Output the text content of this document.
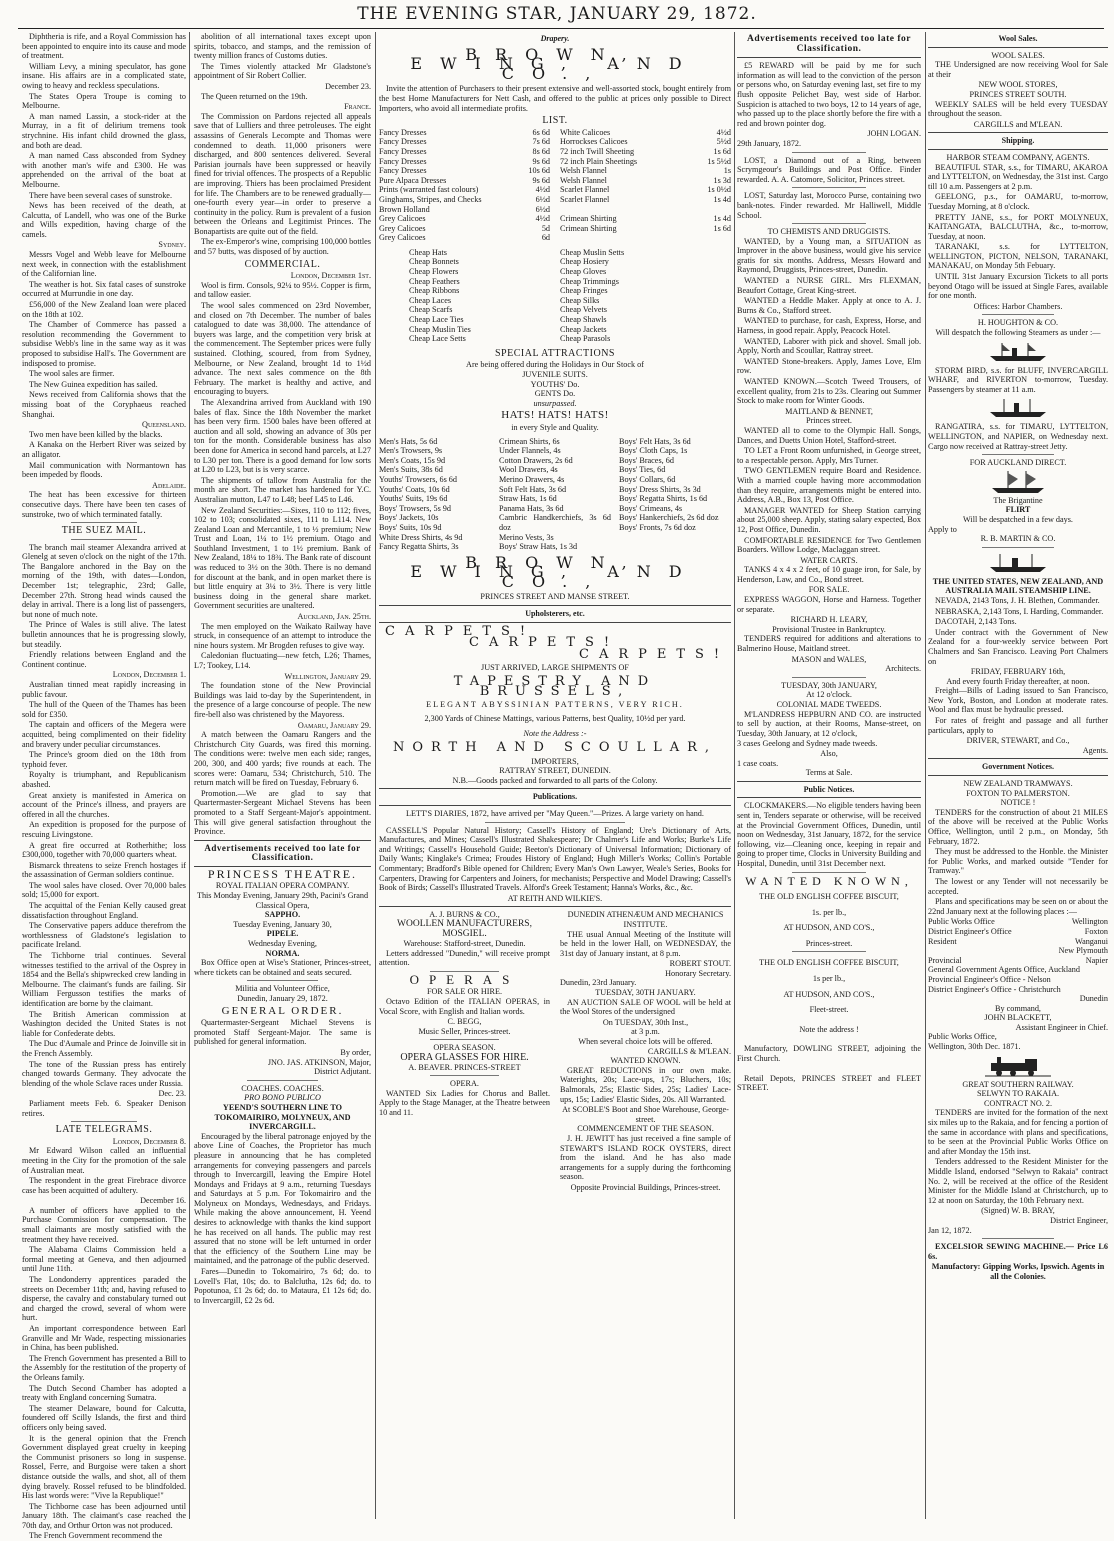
THE EVENING STAR, JANUARY 29, 1872.

Diphtheria is rife, and a Royal Commission has been appointed to enquire into its cause and mode of treatment.

William Levy, a mining speculator, has gone insane. His affairs are in a complicated state, owing to heavy and reckless speculations.

The States Opera Troupe is coming to Melbourne.

A man named Lassin, a stock-rider at the Murray, in a fit of delirium tremens took strychnine. His infant child drowned the glass, and both are dead.

A man named Cass absconded from Sydney with another man's wife and £300. He was apprehended on the arrival of the boat at Melbourne.

There have been several cases of sunstroke.

News has been received of the death, at Calcutta, of Landell, who was one of the Burke and Wills expedition, having charge of the camels.

Sydney.

Messrs Vogel and Webb leave for Melbourne next week, in connection with the establishment of the Californian line.

The weather is hot. Six fatal cases of sunstroke occurred at Murrundie in one day.

£56,000 of the New Zealand loan were placed on the 18th at 102.

The Chamber of Commerce has passed a resolution recommending the Government to subsidise Webb's line in the same way as it was proposed to subsidise Hall's. The Government are indisposed to promise.

The wool sales are firmer.

The New Guinea expedition has sailed.

News received from California shows that the missing boat of the Coryphaeus reached Shanghai.

Queensland.

Two men have been killed by the blacks.

A Kanaka on the Herbert River was seized by an alligator.

Mail communication with Normantown has been impeded by floods.

Adelaide.

The heat has been excessive for thirteen consecutive days. There have been ten cases of sunstroke, two of which terminated fatally.

THE SUEZ MAIL.

The branch mail steamer Alexandra arrived at Glenelg at seven o'clock on the night of the 17th. The Bangalore anchored in the Bay on the morning of the 19th, with dates—London, December 1st; telegraphic, 23rd; Galle, December 27th. Strong head winds caused the delay in arrival. There is a long list of passengers, but none of much note.

The Prince of Wales is still alive. The latest bulletin announces that he is progressing slowly, but steadily.

Friendly relations between England and the Continent continue.

London, December 1.

Australian tinned meat rapidly increasing in public favour.

The hull of the Queen of the Thames has been sold for £350.

The captain and officers of the Megera were acquitted, being complimented on their fidelity and bravery under peculiar circumstances.

The Prince's groom died on the 18th from typhoid fever.

Royalty is triumphant, and Republicanism abashed.

Great anxiety is manifested in America on account of the Prince's illness, and prayers are offered in all the churches.

An expedition is proposed for the purpose of rescuing Livingstone.

A great fire occurred at Rotherhithe; loss £300,000, together with 70,000 quarters wheat.

Bismarck threatens to seize French hostages if the assassination of German soldiers continue.

The wool sales have closed. Over 70,000 bales sold; 15,000 for export.

The acquittal of the Fenian Kelly caused great dissatisfaction throughout England.

The Conservative papers adduce therefrom the worthlessness of Gladstone's legislation to pacificate Ireland.

The Tichborne trial continues. Several witnesses testified to the arrival of the Osprey in 1854 and the Bella's shipwrecked crew landing in Melbourne. The claimant's funds are failing. Sir William Fergusson testifies the marks of identification are borne by the claimant.

The British American commission at Washington decided the United States is not liable for Confederate debts.

The Duc d'Aumale and Prince de Joinville sit in the French Assembly.

The tone of the Russian press has entirely changed towards Germany. They advocate the blending of the whole Sclave races under Russia.

Dec. 23.

Parliament meets Feb. 6. Speaker Denison retires.

LATE TELEGRAMS.
London, December 8.

Mr Edward Wilson called an influential meeting in the City for the promotion of the sale of Australian meat.

The respondent in the great Firebrace divorce case has been acquitted of adultery.

December 16.

A number of officers have applied to the Purchase Commission for compensation. The small claimants are mostly satisfied with the treatment they have received.

The Alabama Claims Commission held a formal meeting at Geneva, and then adjourned until June 11th.

The Londonderry apprentices paraded the streets on December 11th; and, having refused to disperse, the cavalry and constabulary turned out and charged the crowd, several of whom were hurt.

An important correspondence between Earl Granville and Mr Wade, respecting missionaries in China, has been published.

The French Government has presented a Bill to the Assembly for the restitution of the property of the Orleans family.

The Dutch Second Chamber has adopted a treaty with England concerning Sumatra.

The steamer Delaware, bound for Calcutta, foundered off Scilly Islands, the first and third officers only being saved.

It is the general opinion that the French Government displayed great cruelty in keeping the Communist prisoners so long in suspense. Rossel, Ferre, and Burgoise were taken a short distance outside the walls, and shot, all of them dying bravely. Rossel refused to be blindfolded. His last words were: "Vive la Republique!"

The Tichborne case has been adjourned until January 18th. The claimant's case reached the 70th day, and Orthur Orton was not produced.

The French Government recommend the

abolition of all international taxes except upon spirits, tobacco, and stamps, and the remission of twenty million francs of Customs duties.

The Times violently attacked Mr Gladstone's appointment of Sir Robert Collier.

December 23.

The Queen returned on the 19th.

France.

The Commission on Pardons rejected all appeals save that of Lulliers and three petroleuses. The eight assassins of Generals Lecompte and Thomas were condemned to death. 11,000 prisoners were discharged, and 800 sentences delivered. Several Parisian journals have been suppressed or heavily fined for trivial offences. The prospects of a Republic are improving. Thiers has been proclaimed President for life. The Chambers are to be renewed gradually—one-fourth every year—in order to preserve a continuity in the policy. Rum is prevalent of a fusion between the Orleans and Legitimist Princes. The Bonapartists are quite out of the field.

The ex-Emperor's wine, comprising 100,000 bottles and 57 butts, was disposed of by auction.

COMMERCIAL.
London, December 1st.

Wool is firm. Consols, 92¼ to 95½. Copper is firm, and tallow easier.

The wool sales commenced on 23rd November, and closed on 7th December. The number of bales catalogued to date was 38,000. The attendance of buyers was large, and the competition very brisk at the commencement. The September prices were fully sustained. Clothing, scoured, from from Sydney, Melbourne, or New Zealand, brought 1d to 1½d advance. The next sales commence on the 8th February. The market is healthy and active, and encouraging to buyers.

The Alexandrina arrived from Auckland with 190 bales of flax. Since the 18th November the market has been very firm. 1500 bales have been offered at auction and all sold, showing an advance of 30s per ton for the month. Considerable business has also been done for America in second hand parcels, at L27 to L30 per ton. There is a good demand for low sorts at L20 to L23, but is is very scarce.

The shipments of tallow from Australia for the month are short. The market has hardened for Y.C. Australian mutton, L47 to L48; beef L45 to L46.

New Zealand Securities:—Sixes, 110 to 112; fives, 102 to 103; consolidated sixes, 111 to L114. New Zealand Loan and Mercantile, 1 to ½ premium; New Trust and Loan, 1¼ to 1½ premium. Otago and Southland Investment, 1 to 1½ premium. Bank of New Zealand, 18¼ to 18¾. The Bank rate of discount was reduced to 3½ on the 30th. There is no demand for discount at the bank, and in open market there is but little enquiry at 3¼ to 3½. There is very little business doing in the general share market. Government securities are unaltered.

Auckland, Jan. 25th.

The men employed on the Waikato Railway have struck, in consequence of an attempt to introduce the nine hours system. Mr Brogden refuses to give way.

Caledonian fluctuating—new fetch, L26; Thames, L7; Tookey, L14.

Wellington, January 29.

The foundation stone of the New Provincial Buildings was laid to-day by the Superintendent, in the presence of a large concourse of people. The new fire-bell also was christened by the Mayoress.

Oamaru, January 29.

A match between the Oamaru Rangers and the Christchurch City Guards, was fired this morning. The conditions were: twelve men each side; ranges, 200, 300, and 400 yards; five rounds at each. The scores were: Oamaru, 534; Christchurch, 510. The return match will be fired on Tuesday, February 6.

Promotion.—We are glad to say that Quartermaster-Sergeant Michael Stevens has been promoted to a Staff Sergeant-Major's appointment. This will give general satisfaction throughout the Province.

Advertisements received too late for Classification.
PRINCESS THEATRE.
ROYAL ITALIAN OPERA COMPANY.
This Monday Evening, January 29th, Pacini's Grand Classical Opera,
SAPPHO.
Tuesday Evening, January 30,
PIPELE.
Wednesday Evening,
NORMA.

Box Office open at Wise's Stationer, Princes-street, where tickets can be obtained and seats secured.

Militia and Volunteer Office,
Dunedin, January 29, 1872.
GENERAL ORDER.

Quartermaster-Sergeant Michael Stevens is promoted Staff Sergeant-Major. The same is published for general information.

By order,
JNO. JAS. ATKINSON, Major,
District Adjutant.
COACHES. COACHES.
PRO BONO PUBLICO
YEEND'S SOUTHERN LINE TO TOKOMAIRIRO, MOLYNEUX, AND INVERCARGILL.

Encouraged by the liberal patronage enjoyed by the above Line of Coaches, the Proprietor has much pleasure in announcing that he has completed arrangements for conveying passengers and parcels through to Invercargill, leaving the Empire Hotel Mondays and Fridays at 9 a.m., returning Tuesdays and Saturdays at 5 p.m. For Tokomairiro and the Molyneux on Mondays, Wednesdays, and Fridays. While making the above announcement, H. Yeend desires to acknowledge with thanks the kind support he has received on all hands. The public may rest assured that no stone will be left unturned in order that the efficiency of the Southern Line may be maintained, and the patronage of the public deserved.

Fares—Dunedin to Tokomairiro, 7s 6d; do. to Lovell's Flat, 10s; do. to Balclutha, 12s 6d; do. to Popotunoa, £1 2s 6d; do. to Mataura, £1 12s 6d; do. to Invercargill, £2 2s 6d.

Drapery.
BROWN, EWING, AND CO.,

Invite the attention of Purchasers to their present extensive and well-assorted stock, bought entirely from the best Home Manufacturers for Nett Cash, and offered to the public at prices only possible to Direct Importers, who avoid all intermediate profits.

LIST.
Fancy Dresses	6s 6d
Fancy Dresses	7s 6d
Fancy Dresses	8s 6d
Fancy Dresses	9s 6d
Fancy Dresses	10s 6d
Pure Alpaca Dresses	9s 6d
Prints (warranted fast colours)	4½d
Ginghams, Stripes, and Checks	6½d
Brown Holland	6½d
Grey Calicoes	4½d
Grey Calicoes	5d
Grey Calicoes	6d
White Calicoes	4½d
Horrockses Calicoes	5½d
72 inch Twill Sheeting	1s 6d
72 inch Plain Sheetings	1s 5½d
Welsh Flannel	1s
Welsh Flannel	1s 3d
Scarlet Flannel	1s 0½d
Scarlet Flannel	1s 4d
Crimean Shirting	1s 4d
Crimean Shirting	1s 6d
Cheap Hats
Cheap Bonnets
Cheap Flowers
Cheap Feathers
Cheap Ribbons
Cheap Laces
Cheap Scarfs
Cheap Lace Ties
Cheap Muslin Ties
Cheap Lace Setts
Cheap Muslin Setts
Cheap Hosiery
Cheap Gloves
Cheap Trimmings
Cheap Fringes
Cheap Silks
Cheap Velvets
Cheap Shawls
Cheap Jackets
Cheap Parasols
SPECIAL ATTRACTIONS
Are being offered during the Holidays in Our Stock of
JUVENILE SUITS.
YOUTHS' Do.
GENTS Do.
unsurpassed.
HATS! HATS! HATS!
in every Style and Quality.
Men's Hats, 5s 6d
Men's Trowsers, 9s
Men's Coats, 15s 9d
Men's Suits, 38s 6d
Youths' Trowsers, 6s 6d
Youths' Coats, 10s 6d
Youths' Suits, 19s 6d
Boys' Trowsers, 5s 9d
Boys' Jackets, 10s
Boys' Suits, 10s 9d
White Dress Shirts, 4s 9d
Fancy Regatta Shirts, 3s
Crimean Shirts, 6s
Under Flannels, 4s
Cotton Drawers, 2s 6d
Wool Drawers, 4s
Merino Drawers, 4s
Soft Felt Hats, 3s 6d
Straw Hats, 1s 6d
Panama Hats, 3s 6d
Cambric Handkerchiefs, 3s 6d doz
Merino Vests, 3s
Boys' Straw Hats, 1s 3d
Boys' Felt Hats, 3s 6d
Boys' Cloth Caps, 1s
Boys' Braces, 6d
Boys' Ties, 6d
Boys' Collars, 6d
Boys' Dress Shirts, 3s 3d
Boys' Regatta Shirts, 1s 6d
Boys' Crimeans, 4s
Boys' Hankerchiefs, 2s 6d doz
Boys' Fronts, 7s 6d doz
BROWN, EWING, AND CO.,
PRINCES STREET AND MANSE STREET.
Upholsterers, etc.
CARPETS!
CARPETS!
CARPETS!
JUST ARRIVED, LARGE SHIPMENTS OF
TAPESTRY AND BRUSSELS,
ELEGANT ABYSSINIAN PATTERNS, VERY RICH.
2,300 Yards of Chinese Mattings, various Patterns, best Quality, 10½d per yard.
Note the Address :-
NORTH AND SCOULLAR,
IMPORTERS,
RATTRAY STREET, DUNEDIN.
N.B.—Goods packed and forwarded to all parts of the Colony.
Publications.

LETT'S DIARIES, 1872, have arrived per "May Queen."—Prizes. A large variety on hand.

CASSELL'S Popular Natural History; Cassell's History of England; Ure's Dictionary of Arts, Manufactures, and Mines; Cassell's Illustrated Shakespeare; Dr Chalmer's Life and Works; Burke's Life and Writings; Cassell's Household Guide; Beeton's Dictionary of Universal Information; Dictionary of Daily Wants; Kinglake's Crimea; Froudes History of England; Hugh Miller's Works; Collin's Portable Commentary; Bradford's Bible opened for Children; Every Man's Own Lawyer, Weale's Series, Books for Carpenters, Drawing for Carpenters and Joiners, for mechanists; Perspective and Model Drawing; Cassell's Book of Birds; Cassell's Illustrated Travels. Alford's Greek Testament; Hanna's Works, &c., &c.

AT REITH AND WILKIE'S.
A. J. BURNS & CO.,
WOOLLEN MANUFACTURERS, MOSGIEL.
Warehouse: Stafford-street, Dunedin.

Letters addressed "Dunedin," will receive prompt attention.

OPERAS
FOR SALE OR HIRE.

Octavo Edition of the ITALIAN OPERAS, in Vocal Score, with English and Italian words.

C. BEGG,
Music Seller, Princes-street.
OPERA SEASON.
OPERA GLASSES FOR HIRE.
A. BEAVER. PRINCES-STREET
OPERA.

WANTED Six Ladies for Chorus and Ballet. Apply to the Stage Manager, at the Theatre between 10 and 11.

DUNEDIN ATHENÆUM AND MECHANICS INSTITUTE.

THE usual Annual Meeting of the Institute will be held in the lower Hall, on WEDNESDAY, the 31st day of January instant, at 8 p.m.

ROBERT STOUT.
Honorary Secretary.
Dunedin, 23rd January.
TUESDAY, 30TH JANUARY.

AN AUCTION SALE OF WOOL will be held at the Wool Stores of the undersigned

On TUESDAY, 30th Inst.,
at 3 p.m.
When several choice lots will be offered.
CARGILLS & M'LEAN.
WANTED KNOWN.

GREAT REDUCTIONS in our own make. Waterights, 20s; Lace-ups, 17s; Bluchers, 10s; Balmorals, 25s; Elastic Sides, 25s; Ladies' Lace-ups, 15s; Ladies' Elastic Sides, 20s. All Warranted.

At SCOBLE'S Boot and Shoe Warehouse, George-street.
COMMENCEMENT OF THE SEASON.

J. H. JEWITT has just received a fine sample of STEWART'S ISLAND ROCK OYSTERS, direct from the island. And he has also made arrangements for a supply during the forthcoming season.

Opposite Provincial Buildings, Princes-street.
Advertisements received too late for Classification.

£5 REWARD will be paid by me for such information as will lead to the conviction of the person or persons who, on Saturday evening last, set fire to my flush opposite Pelichet Bay, west side of Harbor. Suspicion is attached to two boys, 12 to 14 years of age, who passed up to the place shortly before the fire with a red and brown pointer dog.

JOHN LOGAN.
29th January, 1872.

LOST, a Diamond out of a Ring, between Scrymgeour's Buildings and Post Office. Finder rewarded. A. A. Catomore, Solicitor, Princes street.

LOST, Saturday last, Morocco Purse, containing two bank-notes. Finder rewarded. Mr Halliwell, Middle School.

TO CHEMISTS AND DRUGGISTS.

WANTED, by a Young man, a SITUATION as Improver in the above business, would give his service gratis for six months. Address, Messrs Howard and Raymond, Druggists, Princes-street, Dunedin.

WANTED a NURSE GIRL. Mrs FLEXMAN, Beaufort Cottage, Great King-street.

WANTED a Heddle Maker. Apply at once to A. J. Burns & Co., Stafford street.

WANTED to purchase, for cash, Express, Horse, and Harness, in good repair. Apply, Peacock Hotel.

WANTED, Laborer with pick and shovel. Small job. Apply, North and Scoullar, Rattray street.

WANTED Stone-breakers. Apply, James Love, Elm row.

WANTED KNOWN.—Scotch Tweed Trousers, of excellent quality, from 21s to 23s. Clearing out Summer Stock to make room for Winter Goods.

MAITLAND & BENNET,
Princes street.

WANTED all to come to the Olympic Hall. Songs, Dances, and Duetts Union Hotel, Stafford-street.

TO LET a Front Room unfurnished, in George street, to a respectable person. Apply, Mrs Turner.

TWO GENTLEMEN require Board and Residence. With a married couple having more accommodation than they require, arrangements might be entered into. Address, A.B., Box 13, Post Office.

MANAGER WANTED for Sheep Station carrying about 25,000 sheep. Apply, stating salary expected, Box 12, Post Office, Dunedin.

COMFORTABLE RESIDENCE for Two Gentlemen Boarders. Willow Lodge, Maclaggan street.

WATER CARTS.

TANKS 4 x 4 x 2 feet, of 10 guage iron, for Sale, by Henderson, Law, and Co., Bond street.

FOR SALE.

EXPRESS WAGGON, Horse and Harness. Together or separate.

RICHARD H. LEARY,
Provisional Trustee in Bankruptcy.

TENDERS required for additions and alterations to Balmerino House, Maitland street.

MASON and WALES,
Architects.
TUESDAY, 30th JANUARY,
At 12 o'clock.
COLONIAL MADE TWEEDS.

M'LANDRESS HEPBURN AND CO. are instructed to sell by auction, at their Rooms, Manse-street, on Tuesday, 30th January, at 12 o'clock,

3 cases Geelong and Sydney made tweeds.
Also,
1 case coats.
Terms at Sale.
Public Notices.

CLOCKMAKERS.—No eligible tenders having been sent in, Tenders separate or otherwise, will be received at the Provincial Government Offices, Dunedin, until noon on Wednesday, 31st January, 1872, for the service following, viz—Cleaning once, keeping in repair and going to proper time, Clocks in University Building and Hospital, Dunedin, until 31st December next.

WANTED KNOWN,
THE OLD ENGLISH COFFEE BISCUIT,
1s. per lb.,
AT HUDSON, AND CO'S.,
Princes-street.
THE OLD ENGLISH COFFEE BISCUIT,
1s per lb.,
AT HUDSON, AND CO'S.,
Fleet-street.
Note the address !

Manufactory, DOWLING STREET, adjoining the First Church.

Retail Depots, PRINCES STREET and FLEET STREET.

Wool Sales.
WOOL SALES.

THE Undersigned are now receiving Wool for Sale at their

NEW WOOL STORES,
PRINCES STREET SOUTH.

WEEKLY SALES will be held every TUESDAY throughout the season.

CARGILLS and M'LEAN.
Shipping.
HARBOR STEAM COMPANY, AGENTS.

BEAUTIFUL STAR, s.s., for TIMARU, AKAROA and LYTTELTON, on Wednesday, the 31st inst. Cargo till 10 a.m. Passengers at 2 p.m.

GEELONG, p.s., for OAMARU, to-morrow, Tuesday Morning, at 8 o'clock.

PRETTY JANE, s.s., for PORT MOLYNEUX, KAITANGATA, BALCLUTHA, &c., to-morrow, Tuesday, at noon.

TARANAKI, s.s. for LYTTELTON, WELLINGTON, PICTON, NELSON, TARANAKI, MANAKAU, on Monday 5th Febuary.

UNTIL 31st January Excursion Tickets to all ports beyond Otago will be issued at Single Fares, available for one month.

Offices: Harbor Chambers.
H. HOUGHTON & CO.
Will despatch the following Steamers as under :—

STORM BIRD, s.s. for BLUFF, INVERCARGILL WHARF, and RIVERTON to-morrow, Tuesday. Passengers by steamer at 11 a.m.

RANGATIRA, s.s. for TIMARU, LYTTELTON, WELLINGTON, and NAPIER, on Wednesday next. Cargo now received at Rattray-street Jetty.

FOR AUCKLAND DIRECT.
The Brigantine
FLIRT
Will be despatched in a few days.
Apply to
R. B. MARTIN & CO.
THE UNITED STATES, NEW ZEALAND, AND AUSTRALIA MAIL STEAMSHIP LINE.

NEVADA, 2143 Tons, J. H. Blethen, Commander.

NEBRASKA, 2,143 Tons, I. Harding, Commander.

DACOTAH, 2,143 Tons.

Under contract with the Government of New Zealand for a four-weekly service between Port Chalmers and San Francisco. Leaving Port Chalmers on

FRIDAY, FEBRUARY 16th,
And every fourth Friday thereafter, at noon.

Freight—Bills of Lading issued to San Francisco, New York, Boston, and London at moderate rates. Wool and flax must be hydraulic pressed.

For rates of freight and passage and all further particulars, apply to

DRIVER, STEWART, and Co.,
Agents.
Government Notices.
NEW ZEALAND TRAMWAYS.
FOXTON TO PALMERSTON.
NOTICE !

TENDERS for the construction of about 21 MILES of the above will be received at the Public Works Office, Wellington, until 2 p.m., on Monday, 5th February, 1872.

They must be addressed to the Honble. the Minister for Public Works, and marked outside "Tender for Tramway."

The lowest or any Tender will not necessarily be accepted.

Plans and specifications may be seen on or about the 22nd January next at the following places :—

Public Works Office	Wellington
District Engineer's Office	Foxton
Resident	Wanganui
New Plymouth
Provincial	Napier
General Government Agents Office, Auckland
Provincial Engineer's Office - Nelson
District Engineer's Office - Christchurch
Dunedin
By command,
JOHN BLACKETT,
Assistant Engineer in Chief.
Public Works Office,
Wellington, 30th Dec. 1871.
GREAT SOUTHERN RAILWAY.
SELWYN TO RAKAIA.
CONTRACT NO. 2.

TENDERS are invited for the formation of the next six miles up to the Rakaia, and for fencing a portion of the same in accordance with plans and specifications, to be seen at the Provincial Public Works Office on and after Monday the 15th inst.

Tenders addressed to the Resident Minister for the Middle Island, endorsed "Selwyn to Rakaia" contract No. 2, will be received at the office of the Resident Minister for the Middle Island at Christchurch, up to 12 at noon on Saturday, the 10th February next.

(Signed) W. B. BRAY,
District Engineer,
Jan 12, 1872.

EXCELSIOR SEWING MACHINE.— Price L6 6s.

Manufactory: Gipping Works, Ipswich. Agents in all the Colonies.
